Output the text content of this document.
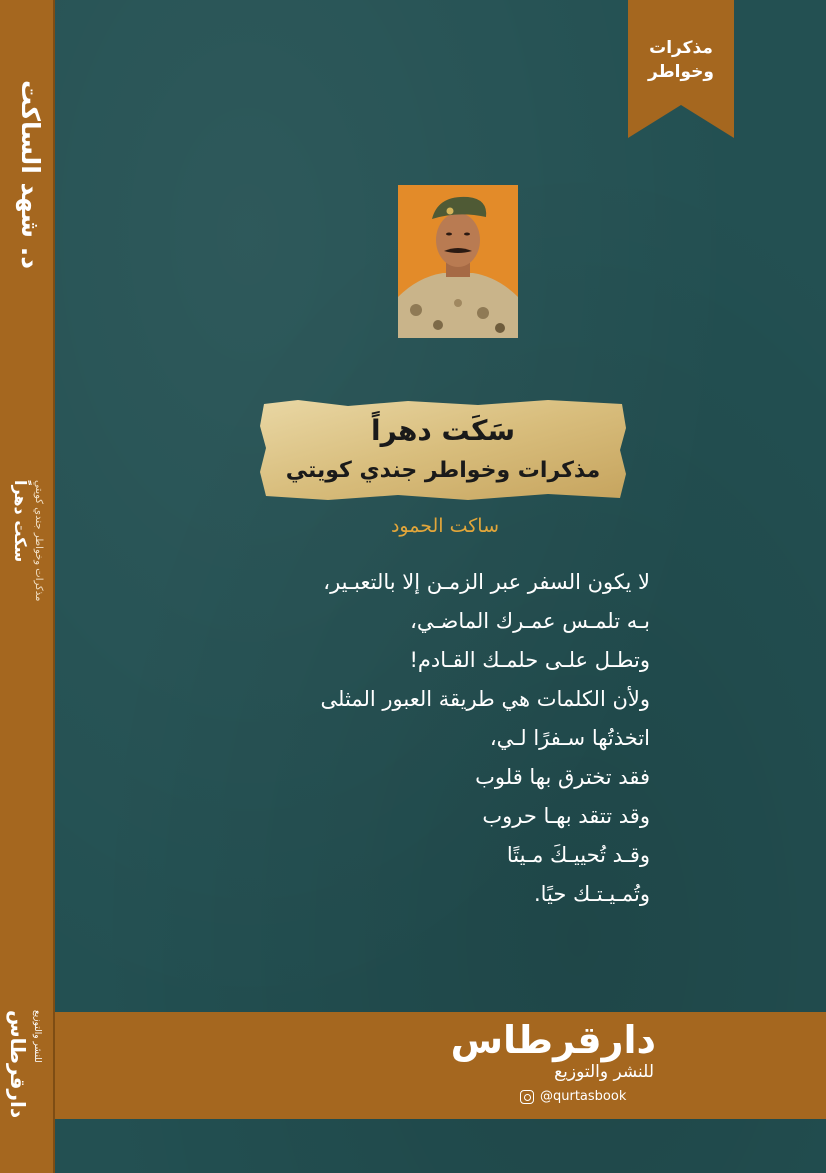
د. شهد الساكت
سكت دهراً مذكرات وخواطر جندي كويتي
دارقرطاس للنشر والتوزيع
مذكرات
وخواطر
سَكَت دهراً
مذكرات وخواطر جندي كويتي
ساكت الحمود
لا يكون السفر عبر الزمـن إلا بالتعبـير،
بـه تلمـس عمـرك الماضـي،
وتطـل علـى حلمـك القـادم!
ولأن الكلمات هي طريقة العبور المثلى
اتخذتُها سـفرًا لـي،
فقد تخترق بها قلوب
وقد تتقد بهـا حروب
وقـد تُحييـكَ مـيتًا
وتُمـيـتـك حيًا.
دارقرطاس
للنشر والتوزيع
@qurtasbook
